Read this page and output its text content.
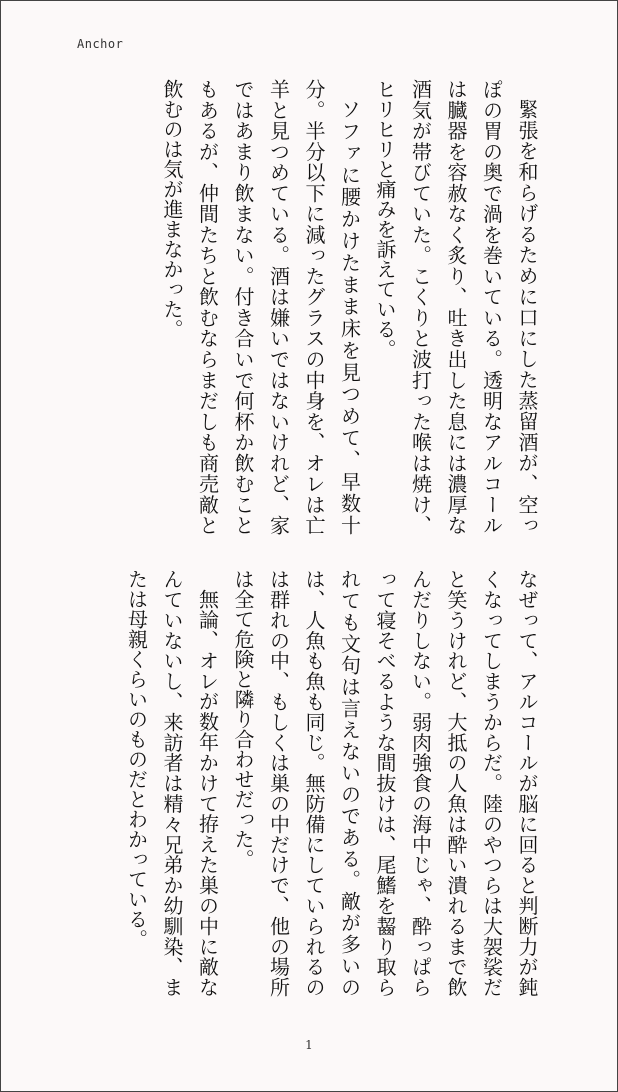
Anchor

緊張を和らげるために口にした蒸留酒が、空っぽの胃の奥で渦を巻いている。透明なアルコールは臓器を容赦なく炙り、吐き出した息には濃厚な酒気が帯びていた。こくりと波打った喉は焼け、ヒリヒリと痛みを訴えている。

ソファに腰かけたまま床を見つめて、早数十分。半分以下に減ったグラスの中身を、オレは亡羊と見つめている。酒は嫌いではないけれど、家ではあまり飲まない。付き合いで何杯か飲むこともあるが、仲間たちと飲むならまだしも商売敵と飲むのは気が進まなかった。

なぜって、アルコールが脳に回ると判断力が鈍くなってしまうからだ。陸のやつらは大袈裟だと笑うけれど、大抵の人魚は酔い潰れるまで飲んだりしない。弱肉強食の海中じゃ、酔っぱらって寝そべるような間抜けは、尾鰭を齧り取られても文句は言えないのである。敵が多いのは、人魚も魚も同じ。無防備にしていられるのは群れの中、もしくは巣の中だけで、他の場所は全て危険と隣り合わせだった。

無論、オレが数年かけて拵えた巣の中に敵なんていないし、来訪者は精々兄弟か幼馴染、または母親くらいのものだとわかっている。

1
